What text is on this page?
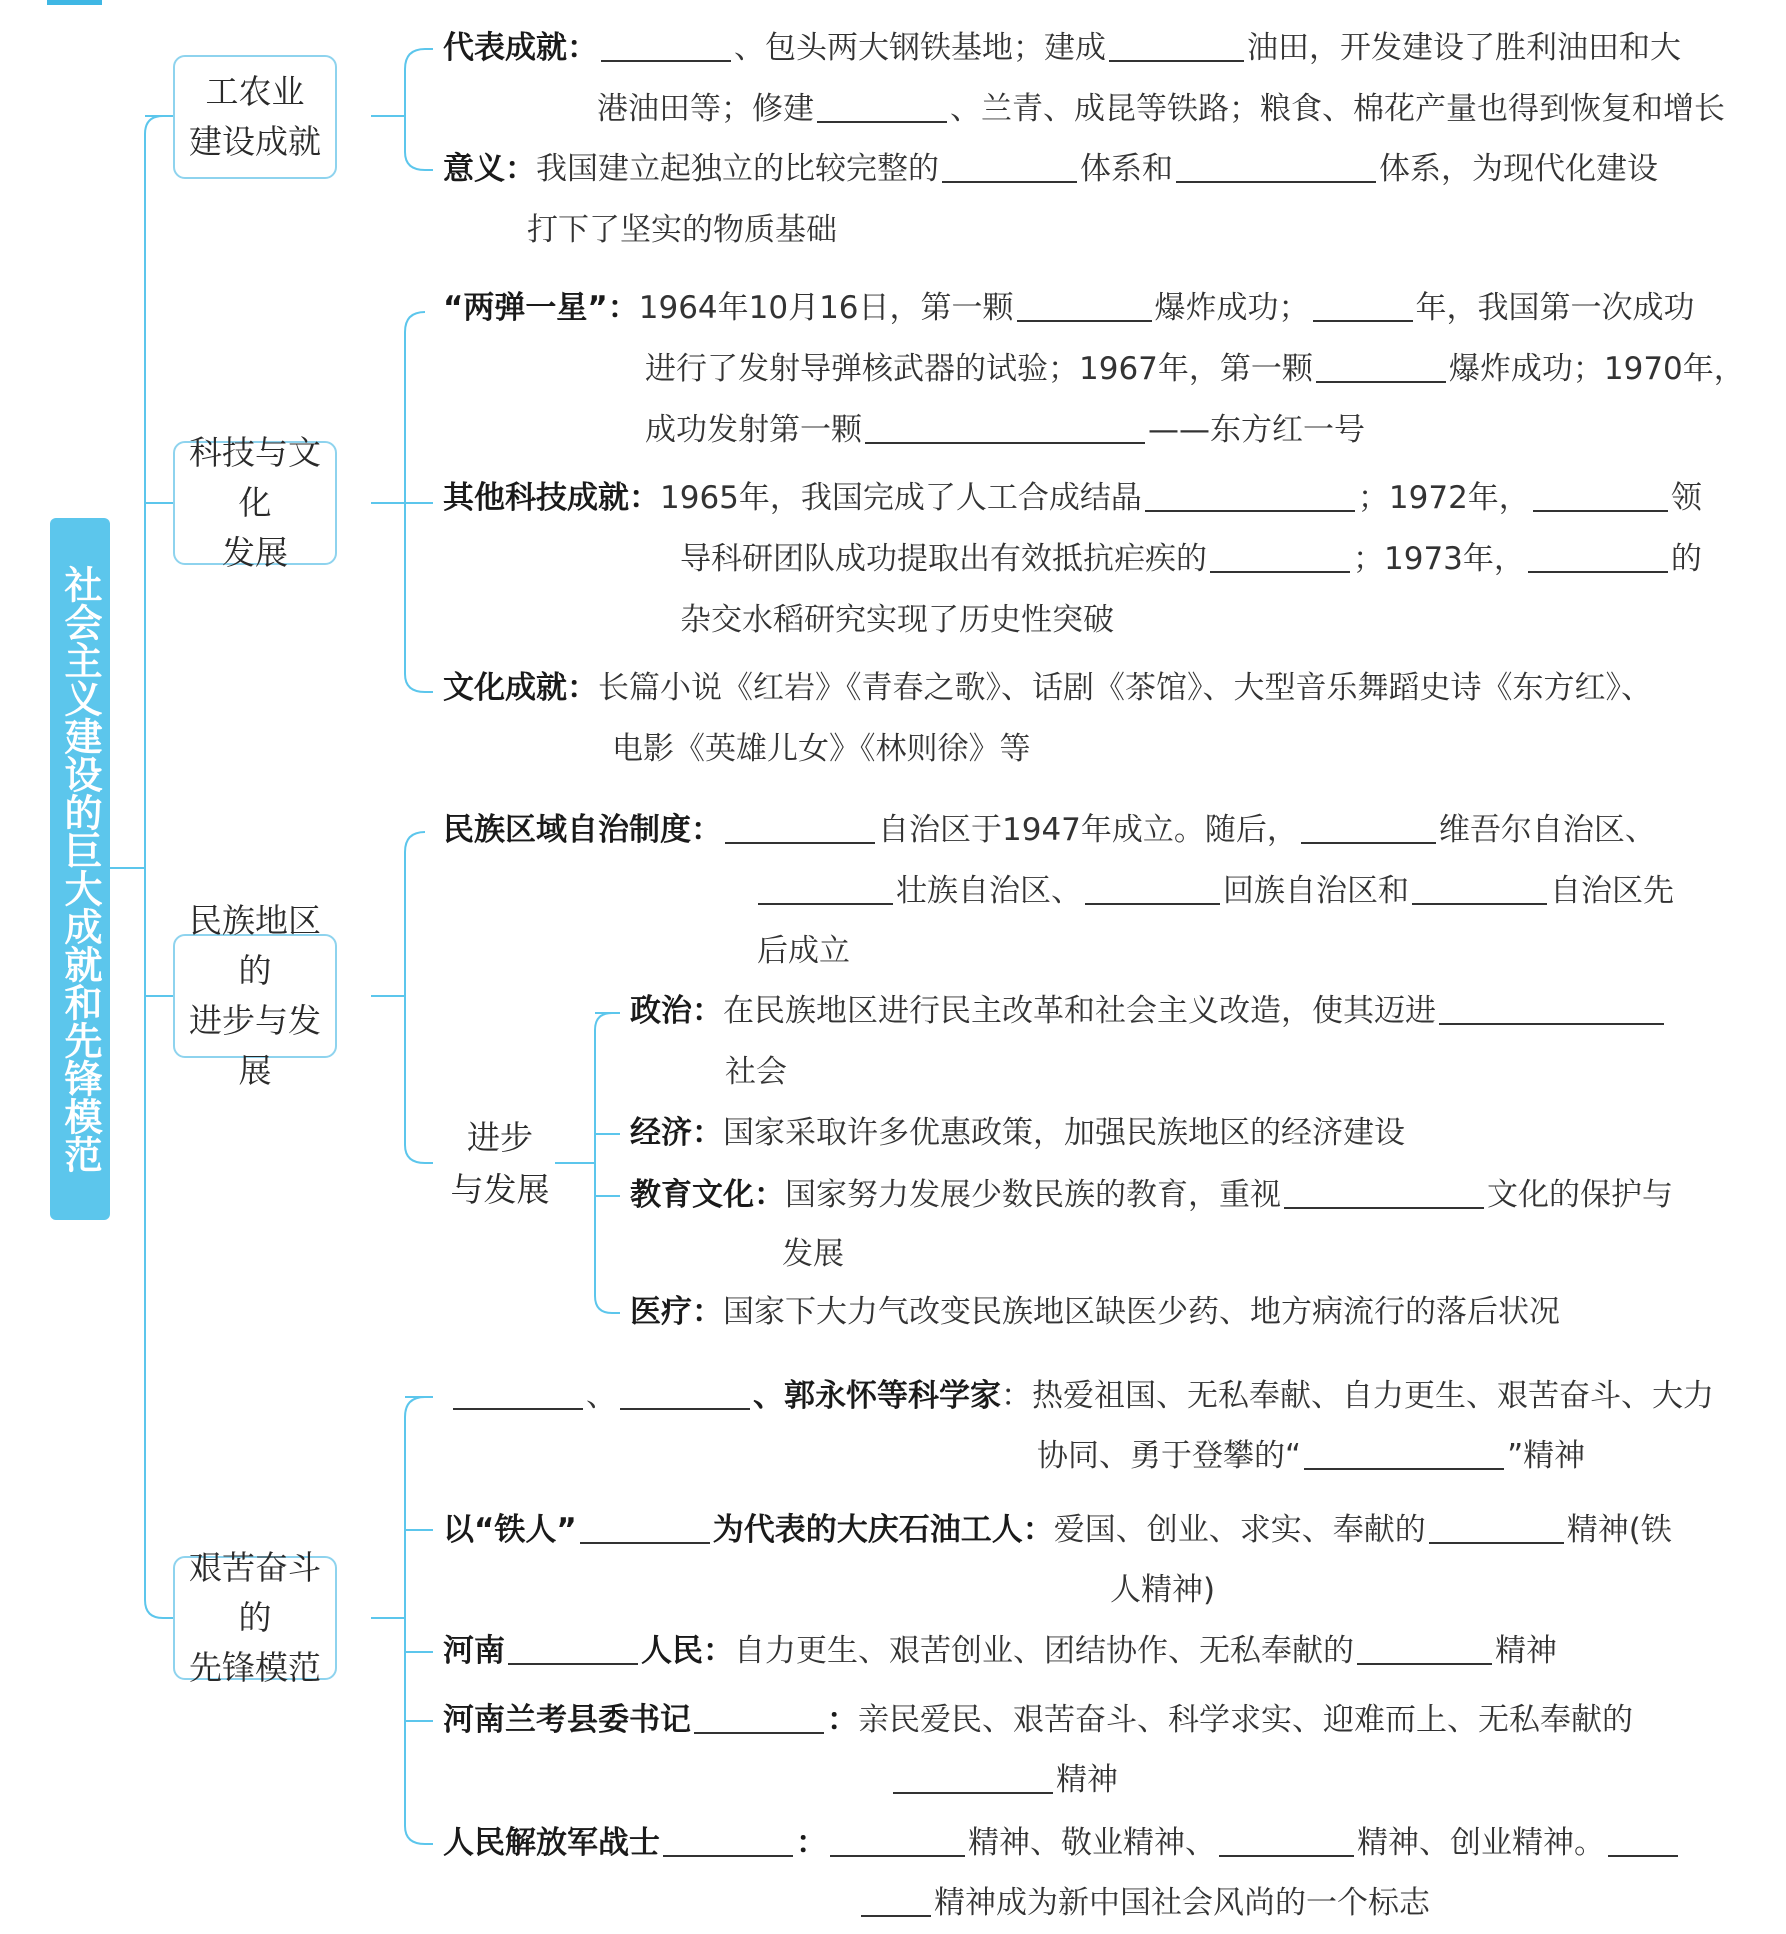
社会主义建设的巨大成就和先锋模范
工农业
建设成就
科技与文化
发展
民族地区的
进步与发展
艰苦奋斗的
先锋模范
进步
与发展
代表成就：	、包头两大钢铁基地；建成	油田，开发建设了胜利油田和大
港油田等；修建	、兰青、成昆等铁路；粮食、棉花产量也得到恢复和增长
意义：我国建立起独立的比较完整的	体系和	体系，为现代化建设
打下了坚实的物质基础
“两弹一星”：1964年10月16日，第一颗	爆炸成功；	年，我国第一次成功
进行了发射导弹核武器的试验；1967年，第一颗	爆炸成功；1970年，
成功发射第一颗	——东方红一号
其他科技成就：1965年，我国完成了人工合成结晶	；1972年，	领
导科研团队成功提取出有效抵抗疟疾的	；1973年，	的
杂交水稻研究实现了历史性突破
文化成就：长篇小说《红岩》《青春之歌》、话剧《茶馆》、大型音乐舞蹈史诗《东方红》、
电影《英雄儿女》《林则徐》等
民族区域自治制度：	自治区于1947年成立。随后，	维吾尔自治区、
壮族自治区、	回族自治区和	自治区先
后成立
政治：在民族地区进行民主改革和社会主义改造，使其迈进
社会
经济：国家采取许多优惠政策，加强民族地区的经济建设
教育文化：国家努力发展少数民族的教育，重视	文化的保护与
发展
医疗：国家下大力气改变民族地区缺医少药、地方病流行的落后状况
、	、郭永怀等科学家：热爱祖国、无私奉献、自力更生、艰苦奋斗、大力
协同、勇于登攀的“	”精神
以“铁人”	为代表的大庆石油工人：爱国、创业、求实、奉献的	精神(铁
人精神)
河南	人民：自力更生、艰苦创业、团结协作、无私奉献的	精神
河南兰考县委书记	：亲民爱民、艰苦奋斗、科学求实、迎难而上、无私奉献的
精神
人民解放军战士	：	精神、敬业精神、	精神、创业精神。
精神成为新中国社会风尚的一个标志
